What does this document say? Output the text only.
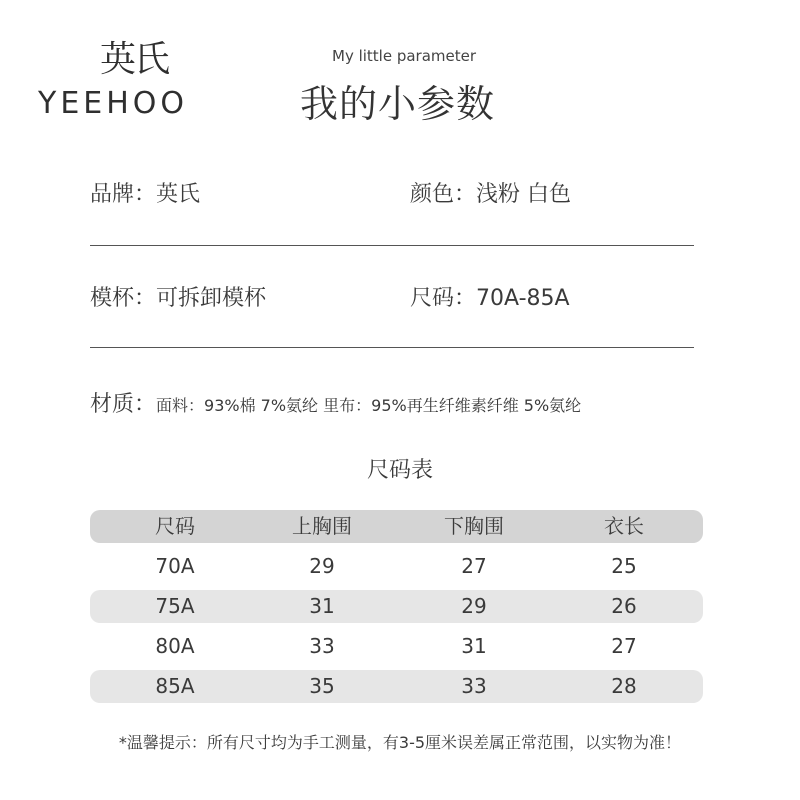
英氏
YEEHOO
My little parameter
我的小参数
品牌：英氏	颜色：浅粉 白色
模杯：可拆卸模杯	尺码：70A-85A
材质：面料：93%棉 7%氨纶 里布：95%再生纤维素纤维 5%氨纶
尺码表
尺码	上胸围	下胸围	衣长
70A	29	27	25
75A	31	29	26
80A	33	31	27
85A	35	33	28
*温馨提示：所有尺寸均为手工测量，有3-5厘米误差属正常范围，以实物为准！
